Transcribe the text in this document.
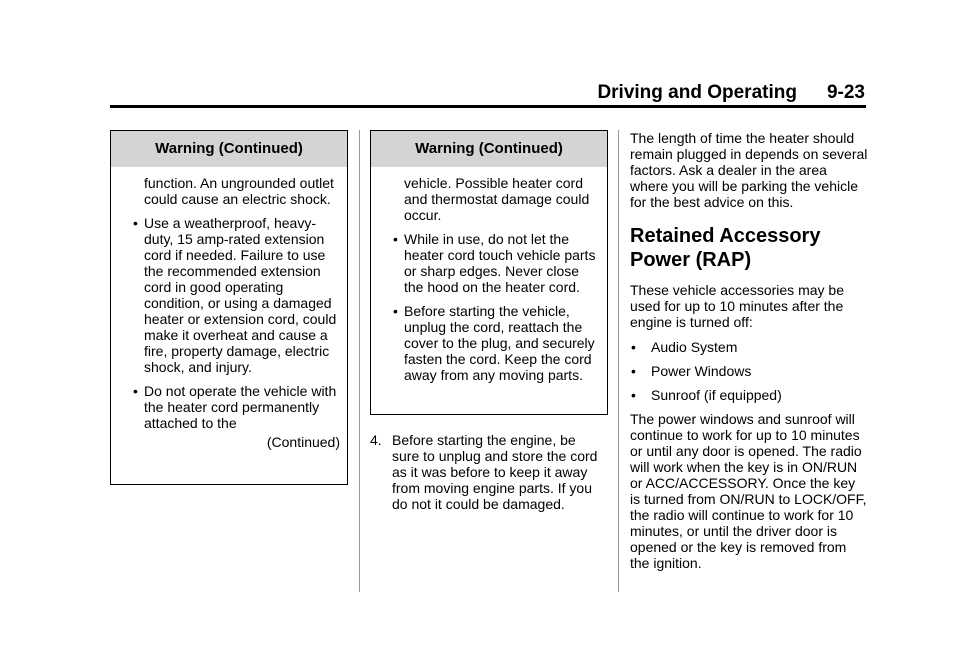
Driving and Operating 9-23
Warning (Continued)

function. An ungrounded outlet could cause an electric shock.

• Use a weatherproof, heavy-duty, 15 amp-rated extension cord if needed. Failure to use the recommended extension cord in good operating condition, or using a damaged heater or extension cord, could make it overheat and cause a fire, property damage, electric shock, and injury.
• Do not operate the vehicle with the heater cord permanently attached to the
(Continued)
Warning (Continued)

vehicle. Possible heater cord and thermostat damage could occur.

• While in use, do not let the heater cord touch vehicle parts or sharp edges. Never close the hood on the heater cord.
• Before starting the vehicle, unplug the cord, reattach the cover to the plug, and securely fasten the cord. Keep the cord away from any moving parts.
4. Before starting the engine, be sure to unplug and store the cord as it was before to keep it away from moving engine parts. If you do not it could be damaged.

The length of time the heater should remain plugged in depends on several factors. Ask a dealer in the area where you will be parking the vehicle for the best advice on this.

Retained Accessory Power (RAP)

These vehicle accessories may be used for up to 10 minutes after the engine is turned off:

• Audio System
• Power Windows
• Sunroof (if equipped)

The power windows and sunroof will continue to work for up to 10 minutes or until any door is opened. The radio will work when the key is in ON/RUN or ACC/ACCESSORY. Once the key is turned from ON/RUN to LOCK/OFF, the radio will continue to work for 10 minutes, or until the driver door is opened or the key is removed from the ignition.
